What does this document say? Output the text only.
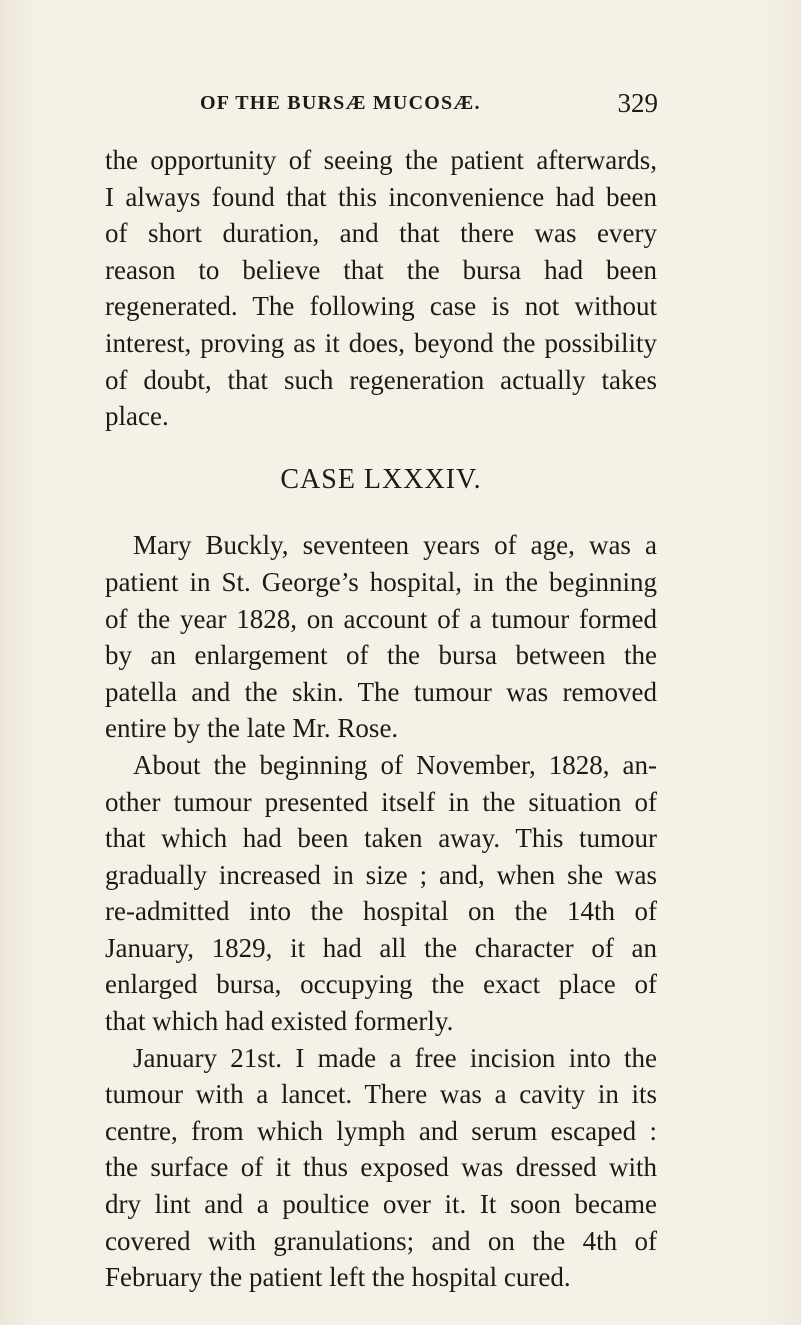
OF THE BURSÆ MUCOSÆ.	329
the opportunity of seeing the patient afterwards,
I always found that this inconvenience had been
of short duration, and that there was every
reason to believe that the bursa had been
regenerated. The following case is not without
interest, proving as it does, beyond the possibility
of doubt, that such regeneration actually takes
place.
CASE LXXXIV.
Mary Buckly, seventeen years of age, was a
patient in St. George’s hospital, in the beginning
of the year 1828, on account of a tumour formed
by an enlargement of the bursa between the
patella and the skin. The tumour was removed
entire by the late Mr. Rose.
About the beginning of November, 1828, an-
other tumour presented itself in the situation of
that which had been taken away. This tumour
gradually increased in size ; and, when she was
re-admitted into the hospital on the 14th of
January, 1829, it had all the character of an
enlarged bursa, occupying the exact place of
that which had existed formerly.
January 21st. I made a free incision into the
tumour with a lancet. There was a cavity in its
centre, from which lymph and serum escaped :
the surface of it thus exposed was dressed with
dry lint and a poultice over it. It soon became
covered with granulations; and on the 4th of
February the patient left the hospital cured.
